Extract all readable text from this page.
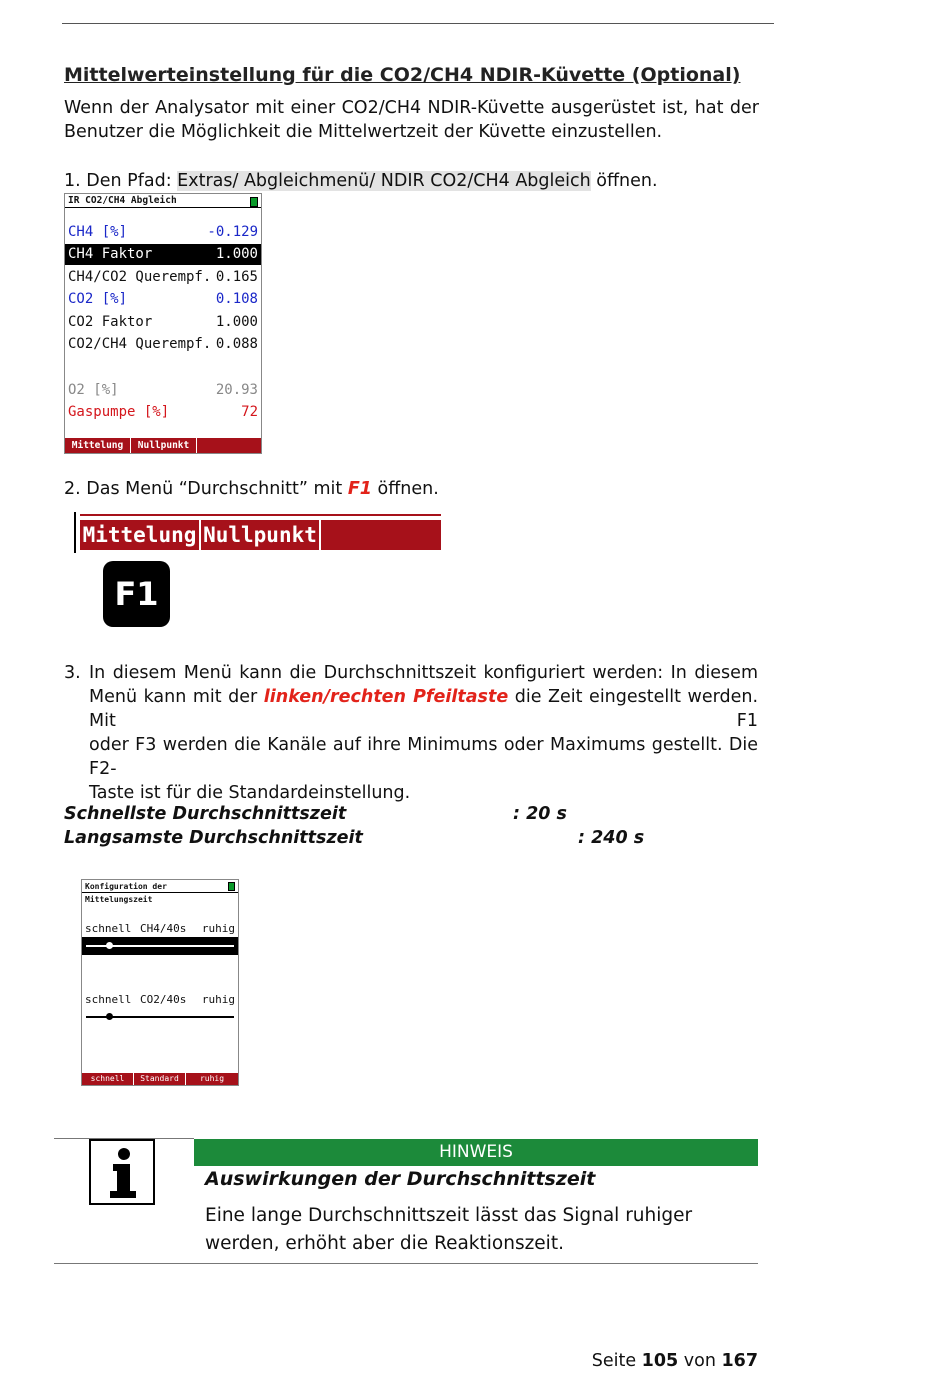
Mittelwerteinstellung für die CO2/CH4 NDIR-Küvette (Optional)
Wenn der Analysator mit einer CO2/CH4 NDIR-Küvette ausgerüstet ist, hat der
Benutzer die Möglichkeit die Mittelwertzeit der Küvette einzustellen.
1. Den Pfad: Extras/ Abgleichmenü/ NDIR CO2/CH4 Abgleich öffnen.
IR CO2/CH4 Abgleich
CH4 [%]	-0.129
CH4 Faktor	1.000
CH4/CO2 Querempf. 0.165
CO2 [%]	0.108
CO2 Faktor	1.000
CO2/CH4 Querempf. 0.088
O2 [%]	20.93
Gaspumpe [%]	72
Mittelung	Nullpunkt
2. Das Menü “Durchschnitt” mit F1 öffnen.
Mittelung Nullpunkt
F1
3. In diesem Menü kann die Durchschnittszeit konfiguriert werden: In diesem
Menü kann mit der linken/rechten Pfeiltaste die Zeit eingestellt werden. Mit F1
oder F3 werden die Kanäle auf ihre Minimums oder Maximums gestellt. Die F2-
Taste ist für die Standardeinstellung.
Schnellste Durchschnittszeit	: 20 s
Langsamste Durchschnittszeit	: 240 s
Konfiguration der Mittelungszeit
schnell CH4/40s ruhig
schnell CO2/40s ruhig
schnell	Standard	ruhig
HINWEIS
Auswirkungen der Durchschnittszeit
Eine lange Durchschnittszeit lässt das Signal ruhiger
werden, erhöht aber die Reaktionszeit.
Seite 105 von 167
